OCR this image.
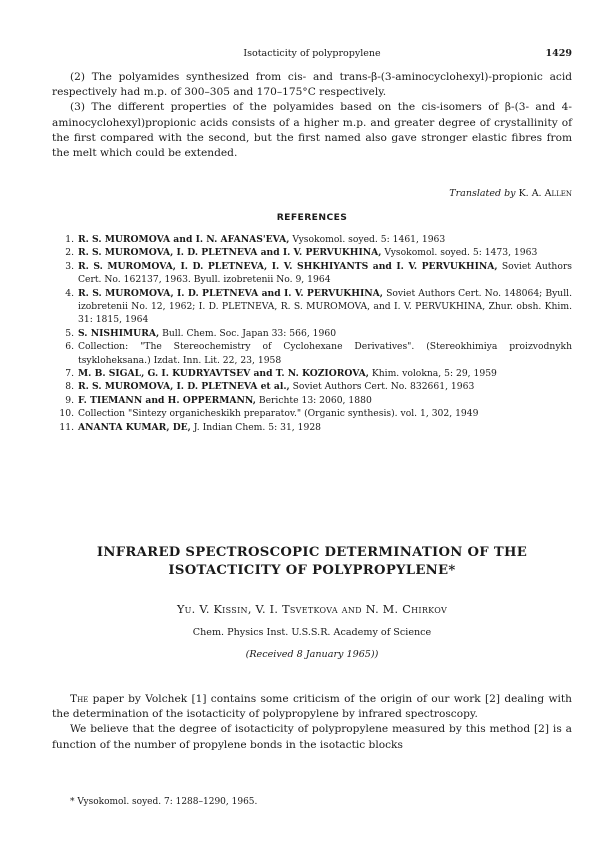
Isotacticity of polypropylene	1429

(2) The polyamides synthesized from cis- and trans-β-(3-aminocyclohexyl)-propionic acid respectively had m.p. of 300–305 and 170–175°C respectively.

(3) The different properties of the polyamides based on the cis-isomers of β-(3- and 4-aminocyclohexyl)propionic acids consists of a higher m.p. and greater degree of crystallinity of the first compared with the second, but the first named also gave stronger elastic fibres from the melt which could be extended.

Translated by K. A. Allen
REFERENCES
1. R. S. MUROMOVA and I. N. AFANAS'EVA, Vysokomol. soyed. 5: 1461, 1963
2. R. S. MUROMOVA, I. D. PLETNEVA and I. V. PERVUKHINA, Vysokomol. soyed. 5: 1473, 1963
3. R. S. MUROMOVA, I. D. PLETNEVA, I. V. SHKHIYANTS and I. V. PERVUKHINA, Soviet Authors Cert. No. 162137, 1963. Byull. izobretenii No. 9, 1964
4. R. S. MUROMOVA, I. D. PLETNEVA and I. V. PERVUKHINA, Soviet Authors Cert. No. 148064; Byull. izobretenii No. 12, 1962; I. D. PLETNEVA, R. S. MUROMOVA, and I. V. PERVUKHINA, Zhur. obsh. Khim. 31: 1815, 1964
5. S. NISHIMURA, Bull. Chem. Soc. Japan 33: 566, 1960
6. Collection: "The Stereochemistry of Cyclohexane Derivatives". (Stereokhimiya proizvodnykh tsykloheksana.) Izdat. Inn. Lit. 22, 23, 1958
7. M. B. SIGAL, G. I. KUDRYAVTSEV and T. N. KOZIOROVA, Khim. volokna, 5: 29, 1959
8. R. S. MUROMOVA, I. D. PLETNEVA et al., Soviet Authors Cert. No. 832661, 1963
9. F. TIEMANN and H. OPPERMANN, Berichte 13: 2060, 1880
10. Collection "Sintezy organicheskikh preparatov." (Organic synthesis). vol. 1, 302, 1949
11. ANANTA KUMAR, DE, J. Indian Chem. 5: 31, 1928
INFRARED SPECTROSCOPIC DETERMINATION OF THE
ISOTACTICITY OF POLYPROPYLENE*
Yu. V. Kissin, V. I. Tsvetkova and N. M. Chirkov
Chem. Physics Inst. U.S.S.R. Academy of Science
(Received 8 January 1965))

The paper by Volchek [1] contains some criticism of the origin of our work [2] dealing with the determination of the isotacticity of polypropylene by infrared spectroscopy.

We believe that the degree of isotacticity of polypropylene measured by this method [2] is a function of the number of propylene bonds in the isotactic blocks

* Vysokomol. soyed. 7: 1288–1290, 1965.
